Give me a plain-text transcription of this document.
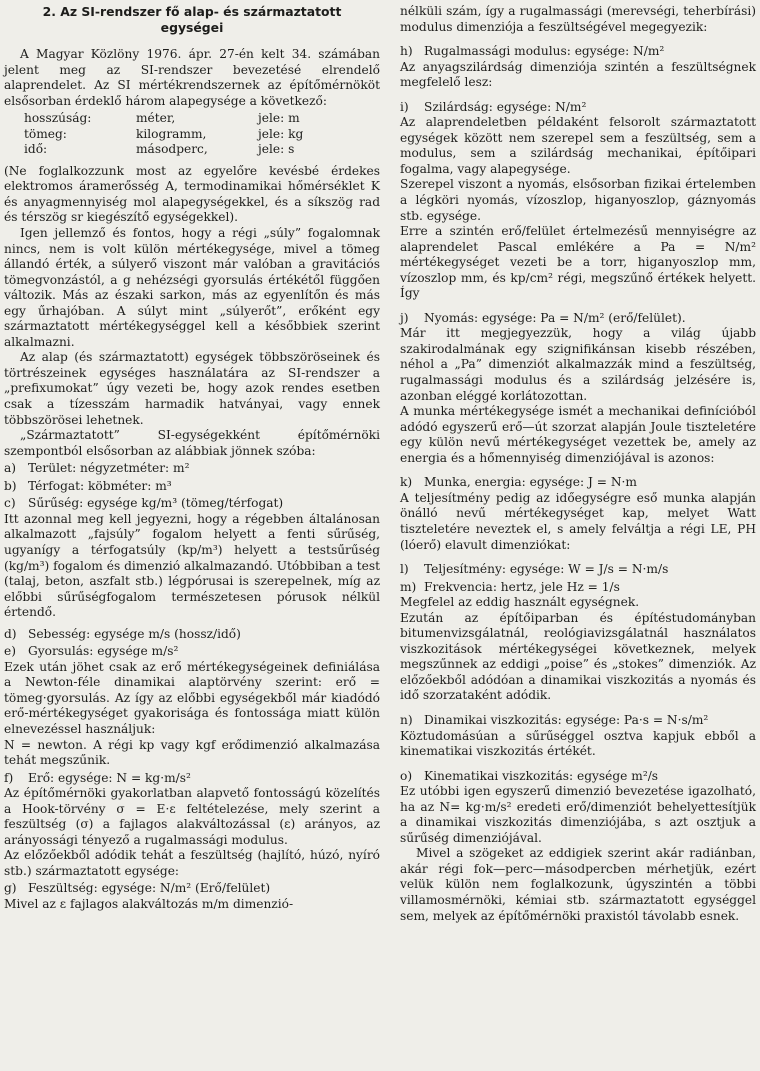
2. Az SI-rendszer fő alap- és származtatott
egységei

A Magyar Közlöny 1976. ápr. 27-én kelt 34. számában jelent meg az SI-rendszer bevezetésé elrendelő alaprendelet. Az SI mértékrendszernek az építőmérnököt elsősorban érdeklő három alapegysége a következő:

hosszúság:	méter,	jele: m
tömeg:	kilogramm,	jele: kg
idő:	másodperc,	jele: s

(Ne foglalkozzunk most az egyelőre kevésbé érdekes elektromos áramerősség A, termodinamikai hőmérséklet K és anyagmennyiség mol alapegységekkel, és a síkszög rad és térszög sr kiegészítő egységekkel).

Igen jellemző és fontos, hogy a régi „súly” fogalomnak nincs, nem is volt külön mértékegysége, mivel a tömeg állandó érték, a súlyerő viszont már valóban a gravitációs tömegvonzástól, a g nehézségi gyorsulás értékétől függően változik. Más az északi sarkon, más az egyenlítőn és más egy űrhajóban. A súlyt mint „súlyerőt”, erőként egy származtatott mértékegységgel kell a későbbiek szerint alkalmazni.

Az alap (és származtatott) egységek többszöröseinek és törtrészeinek egységes használatára az SI-rendszer a „prefixumokat” úgy vezeti be, hogy azok rendes esetben csak a tízesszám harmadik hatványai, vagy ennek többszörösei lehetnek.

„Származtatott” SI-egységekként építőmérnöki szempontból elsősorban az alábbiak jönnek szóba:

a) Terület: négyzetméter: m²
b) Térfogat: köbméter: m³
c)	Sűrűség: egysége kg/m³ (tömeg/térfogat)

Itt azonnal meg kell jegyezni, hogy a régebben általánosan alkalmazott „fajsúly” fogalom helyett a fenti sűrűség, ugyanígy a térfogatsúly (kp/m³) helyett a testsűrűség (kg/m³) fogalom és dimenzió alkalmazandó. Utóbbiban a test (talaj, beton, aszfalt stb.) légpórusai is szerepelnek, míg az előbbi sűrűségfogalom természetesen pórusok nélkül értendő.

d) Sebesség: egysége m/s (hossz/idő)
e) Gyorsulás: egysége m/s²

Ezek után jöhet csak az erő mértékegységeinek definiálása a Newton-féle dinamikai alaptörvény szerint: erő = tömeg·gyorsulás. Az így az előbbi egységekből már kiadódó erő-mértékegységet gyakorisága és fontossága miatt külön elnevezéssel használjuk:

N = newton. A régi kp vagy kgf erődimenzió alkalmazása tehát megszűnik.

f)	Erő: egysége: N = kg·m/s²

Az építőmérnöki gyakorlatban alapvető fontosságú közelítés a Hook-törvény σ = E·ε feltételezése, mely szerint a feszültség (σ) a fajlagos alakváltozással (ε) arányos, az arányossági tényező a rugalmassági modulus.

Az előzőekből adódik tehát a feszültség (hajlító, húzó, nyíró stb.) származtatott egysége:

g) Feszültség: egysége: N/m² (Erő/felület)

Mivel az ε fajlagos alakváltozás m/m dimenzió-

nélküli szám, így a rugalmassági (merevségi, teherbírási) modulus dimenziója a feszültségével megegyezik:

h) Rugalmassági modulus: egysége: N/m²

Az anyagszilárdság dimenziója szintén a feszültségnek megfelelő lesz:

i)	Szilárdság: egysége: N/m²

Az alaprendeletben példaként felsorolt származtatott egységek között nem szerepel sem a feszültség, sem a modulus, sem a szilárdság mechanikai, építőipari fogalma, vagy alapegysége.

Szerepel viszont a nyomás, elsősorban fizikai értelemben a légköri nyomás, vízoszlop, higanyoszlop, gáznyomás stb. egysége.

Erre a szintén erő/felület értelmezésű mennyiségre az alaprendelet Pascal emlékére a Pa = N/m² mértékegységet vezeti be a torr, higanyoszlop mm, vízoszlop mm, és kp/cm² régi, megszűnő értékek helyett. Így

j)	Nyomás: egysége: Pa = N/m² (erő/felület).

Már itt megjegyezzük, hogy a világ újabb szakirodalmának egy szignifikánsan kisebb részében, néhol a „Pa” dimenziót alkalmazzák mind a feszültség, rugalmassági modulus és a szilárdság jelzésére is, azonban eléggé korlátozottan.

A munka mértékegysége ismét a mechanikai definícióból adódó egyszerű erő—út szorzat alapján Joule tiszteletére egy külön nevű mértékegységet vezettek be, amely az energia és a hőmennyiség dimenziójával is azonos:

k) Munka, energia: egysége: J = N·m

A teljesítmény pedig az időegységre eső munka alapján önálló nevű mértékegységet kap, melyet Watt tiszteletére neveztek el, s amely felváltja a régi LE, PH (lóerő) elavult dimenziókat:

l)	Teljesítmény: egysége: W = J/s = N·m/s
m) Frekvencia: hertz, jele Hz = 1/s

Megfelel az eddig használt egységnek.

Ezután az építőiparban és építéstudományban bitumenvizsgálatnál, reológiavizsgálatnál használatos viszkozitások mértékegységei következnek, melyek megszűnnek az eddigi „poise” és „stokes” dimenziók. Az előzőekből adódóan a dinamikai viszkozitás a nyomás és idő szorzataként adódik.

n) Dinamikai viszkozitás: egysége: Pa·s = N·s/m²

Köztudomásúan a sűrűséggel osztva kapjuk ebből a kinematikai viszkozitás értékét.

o) Kinematikai viszkozitás: egysége m²/s

Ez utóbbi igen egyszerű dimenzió bevezetése igazolható, ha az N= kg·m/s² eredeti erő/dimenziót behelyettesítjük a dinamikai viszkozitás dimenziójába, s azt osztjuk a sűrűség dimenziójával.

Mivel a szögeket az eddigiek szerint akár radiánban, akár régi fok—perc—másodpercben mérhetjük, ezért velük külön nem foglalkozunk, úgyszintén a többi villamosmérnöki, kémiai stb. származtatott egységgel sem, melyek az építőmérnöki praxistól távolabb esnek.
